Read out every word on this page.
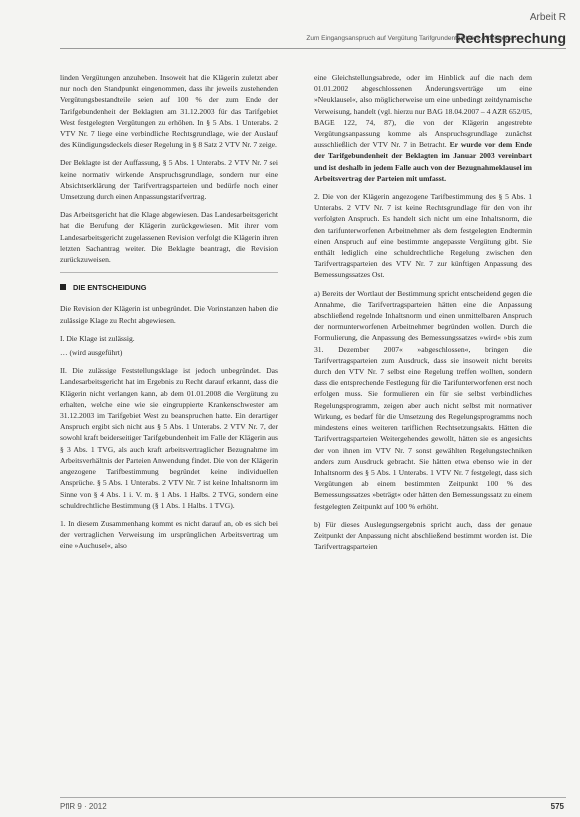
Arbeit R
Zum Eingangsanspruch auf Vergütung Tarifgrundentgelt des Arbeitgebers
Rechtsprechung

linden Vergütungen anzuheben. Insoweit hat die Klägerin zuletzt aber nur noch den Standpunkt eingenommen, dass ihr jeweils zustehenden Vergütungsbestandteile seien auf 100 % der zum Ende der Tarifgebundenheit der Beklagten am 31.12.2003 für das Tarifgebiet West festgelegten Vergütungen zu erhöhen. In § 5 Abs. 1 Unterabs. 2 VTV Nr. 7 liege eine verbindliche Rechtsgrundlage, wie der Auslauf des Kündigungsdeckels dieser Regelung in § 8 Satz 2 VTV Nr. 7 zeige.

Der Beklagte ist der Auffassung, § 5 Abs. 1 Unterabs. 2 VTV Nr. 7 sei keine normativ wirkende Anspruchsgrundlage, sondern nur eine Absichtserklärung der Tarifvertragsparteien und bedürfe noch einer Umsetzung durch einen Anpassungstarifvertrag.

Das Arbeitsgericht hat die Klage abgewiesen. Das Landesarbeitsgericht hat die Berufung der Klägerin zurückgewiesen. Mit ihrer vom Landesarbeitsgericht zugelassenen Revision verfolgt die Klägerin ihren letzten Sachantrag weiter. Die Beklagte beantragt, die Revision zurückzuweisen.

DIE ENTSCHEIDUNG

Die Revision der Klägerin ist unbegründet. Die Vorinstanzen haben die zulässige Klage zu Recht abgewiesen.

I. Die Klage ist zulässig.

… (wird ausgeführt)

II. Die zulässige Feststellungsklage ist jedoch unbegründet. Das Landesarbeitsgericht hat im Ergebnis zu Recht darauf erkannt, dass die Klägerin nicht verlangen kann, ab dem 01.01.2008 die Vergütung zu erhalten, welche eine wie sie eingruppierte Krankenschwester am 31.12.2003 im Tarifgebiet West zu beanspruchen hatte. Ein derartiger Anspruch ergibt sich nicht aus § 5 Abs. 1 Unterabs. 2 VTV Nr. 7, der sowohl kraft beiderseitiger Tarifgebundenheit im Falle der Klägerin aus § 3 Abs. 1 TVG, als auch kraft arbeitsvertraglicher Bezugnahme im Arbeitsverhältnis der Parteien Anwendung findet. Die von der Klägerin angezogene Tarifbestimmung begründet keine individuellen Ansprüche. § 5 Abs. 1 Unterabs. 2 VTV Nr. 7 ist keine Inhaltsnorm im Sinne von § 4 Abs. 1 i. V. m. § 1 Abs. 1 Halbs. 2 TVG, sondern eine schuldrechtliche Bestimmung (§ 1 Abs. 1 Halbs. 1 TVG).

1. In diesem Zusammenhang kommt es nicht darauf an, ob es sich bei der vertraglichen Verweisung im ursprünglichen Arbeitsvertrag um eine »Auchusel«, also

eine Gleichstellungsabrede, oder im Hinblick auf die nach dem 01.01.2002 abgeschlossenen Änderungsverträge um eine »Neuklausel«, also möglicherweise um eine unbedingt zeitdynamische Verweisung, handelt (vgl. hierzu nur BAG 18.04.2007 – 4 AZR 652/05, BAGE 122, 74, 87), die von der Klägerin angestrebte Vergütungsanpassung komme als Anspruchsgrundlage zunächst ausschließlich der VTV Nr. 7 in Betracht. Er wurde vor dem Ende der Tarifgebundenheit der Beklagten im Januar 2003 vereinbart und ist deshalb in jedem Falle auch von der Bezugnahmeklausel im Arbeitsvertrag der Parteien mit umfasst.

2. Die von der Klägerin angezogene Tarifbestimmung des § 5 Abs. 1 Unterabs. 2 VTV Nr. 7 ist keine Rechtsgrundlage für den von ihr verfolgten Anspruch. Es handelt sich nicht um eine Inhaltsnorm, die den tarifunterworfenen Arbeitnehmer als dem festgelegten Endtermin einen Anspruch auf eine bestimmte angepasste Vergütung gibt. Sie enthält lediglich eine schuldrechtliche Regelung zwischen den Tarifvertragsparteien des VTV Nr. 7 zur künftigen Anpassung des Bemessungssatzes Ost.

a) Bereits der Wortlaut der Bestimmung spricht entscheidend gegen die Annahme, die Tarifvertragsparteien hätten eine die Anpassung abschließend regelnde Inhaltsnorm und einen unmittelbaren Anspruch der normunterworfenen Arbeitnehmer begründen wollen. Durch die Formulierung, die Anpassung des Bemessungssatzes »wird« »bis zum 31. Dezember 2007« »abgeschlossen«, bringen die Tarifvertragsparteien zum Ausdruck, dass sie insoweit nicht bereits durch den VTV Nr. 7 selbst eine Regelung treffen wollten, sondern dass die entsprechende Festlegung für die Tarifunterworfenen erst noch erfolgen muss. Sie formulieren ein für sie selbst verbindliches Regelungsprogramm, zeigen aber auch nicht selbst mit normativer Wirkung, es bedarf für die Umsetzung des Regelungsprogramms noch mindestens eines weiteren tariflichen Rechtsetzungsakts. Hätten die Tarifvertragsparteien Weitergehendes gewollt, hätten sie es angesichts der von ihnen im VTV Nr. 7 sonst gewählten Regelungstechniken anders zum Ausdruck gebracht. Sie hätten etwa ebenso wie in der Inhaltsnorm des § 5 Abs. 1 Unterabs. 1 VTV Nr. 7 festgelegt, dass sich Vergütungen ab einem bestimmten Zeitpunkt 100 % des Bemessungssatzes »beträgt« oder hätten den Bemessungssatz zu einem festgelegten Zeitpunkt auf 100 % erhöht.

b) Für dieses Auslegungsergebnis spricht auch, dass der genaue Zeitpunkt der Anpassung nicht abschließend bestimmt worden ist. Die Tarifvertragsparteien

PflR 9 · 2012	575
